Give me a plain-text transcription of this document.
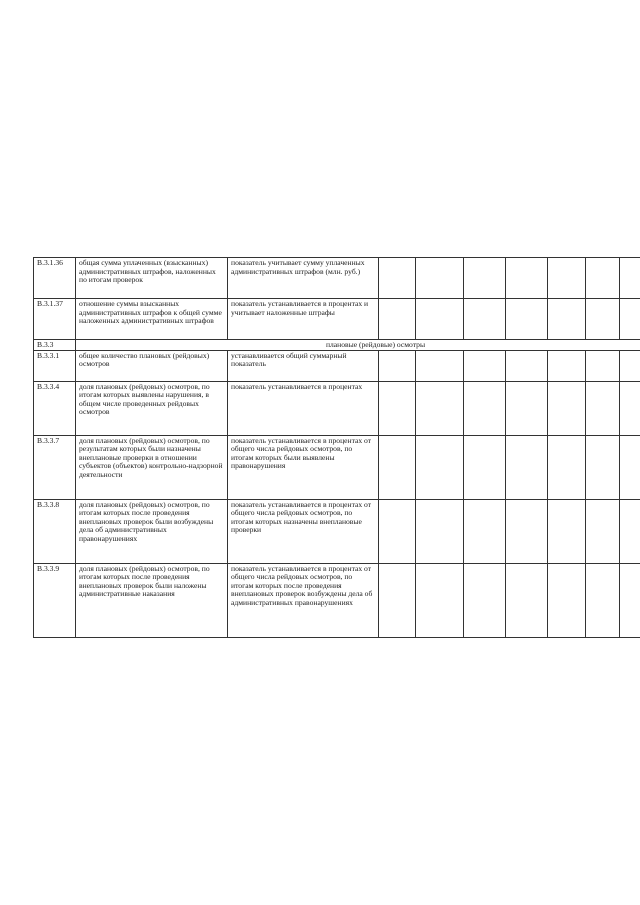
В.3.1.36	общая сумма уплаченных (взысканных) административных штрафов, наложенных по итогам проверок	показатель учитывает сумму уплаченных административных штрафов (млн. руб.)							
В.3.1.37	отношение суммы взысканных административных штрафов к общей сумме наложенных административных штрафов	показатель устанавливается в процентах и учитывает наложенные штрафы							
В.3.3	плановые (рейдовые) осмотры								
В.3.3.1	общее количество плановых (рейдовых) осмотров	устанавливается общий суммарный показатель							
В.3.3.4	доля плановых (рейдовых) осмотров, по итогам которых выявлены нарушения, в общем числе проведенных рейдовых осмотров	показатель устанавливается в процентах							
В.3.3.7	доля плановых (рейдовых) осмотров, по результатам которых были назначены внеплановые проверки в отношении субъектов (объектов) контрольно-надзорной деятельности	показатель устанавливается в процентах от общего числа рейдовых осмотров, по итогам которых были выявлены правонарушения							
В.3.3.8	доля плановых (рейдовых) осмотров, по итогам которых после проведения внеплановых проверок были возбуждены дела об административных правонарушениях	показатель устанавливается в процентах от общего числа рейдовых осмотров, по итогам которых назначены внеплановые проверки							
В.3.3.9	доля плановых (рейдовых) осмотров, по итогам которых после проведения внеплановых проверок были наложены административные наказания	показатель устанавливается в процентах от общего числа рейдовых осмотров, по итогам которых после проведения внеплановых проверок возбуждены дела об административных правонарушениях							
